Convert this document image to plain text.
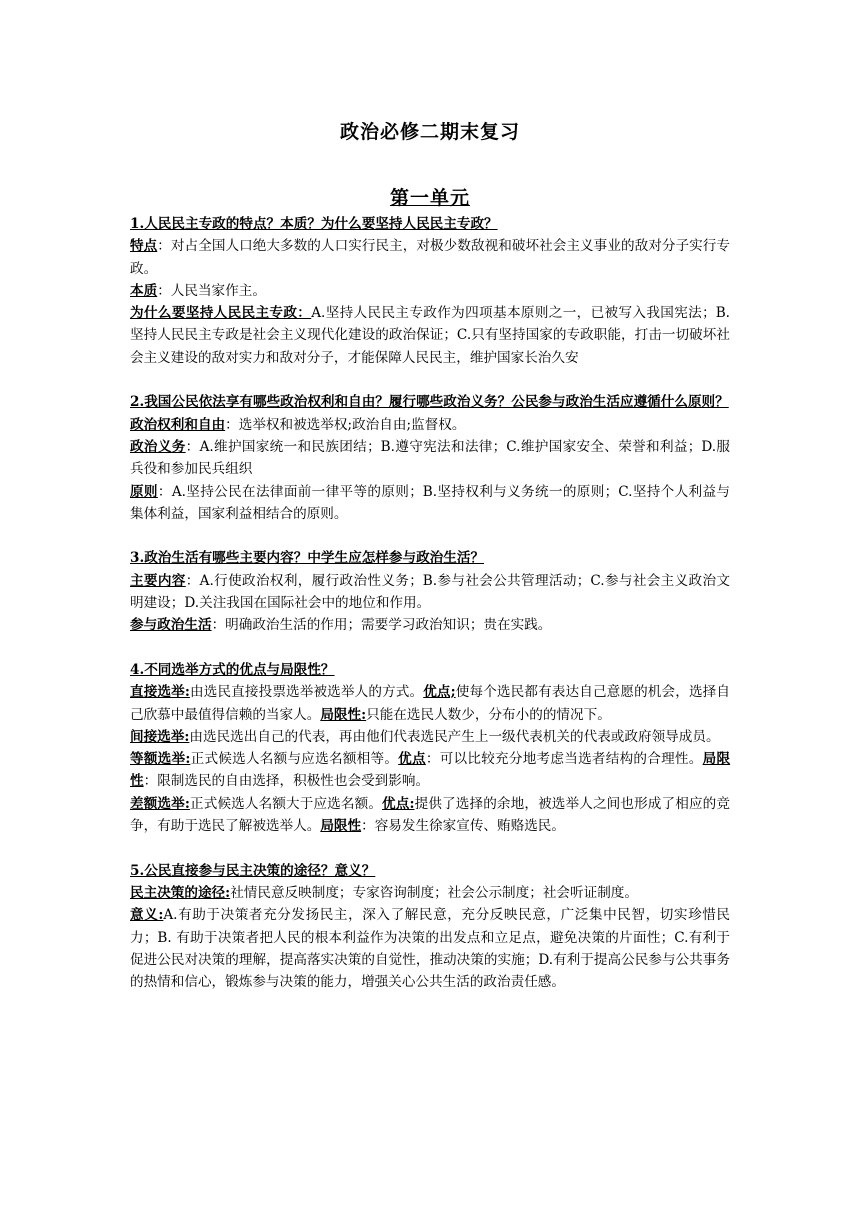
政治必修二期末复习
第一单元

1.人民民主专政的特点？本质？为什么要坚持人民民主专政？

特点：对占全国人口绝大多数的人口实行民主，对极少数敌视和破坏社会主义事业的敌对分子实行专政。

本质：人民当家作主。

为什么要坚持人民民主专政：A.坚持人民民主专政作为四项基本原则之一，已被写入我国宪法；B. 坚持人民民主专政是社会主义现代化建设的政治保证；C.只有坚持国家的专政职能，打击一切破坏社会主义建设的敌对实力和敌对分子，才能保障人民民主，维护国家长治久安

2.我国公民依法享有哪些政治权利和自由？履行哪些政治义务？公民参与政治生活应遵循什么原则？

政治权利和自由：选举权和被选举权;政治自由;监督权。

政治义务：A.维护国家统一和民族团结；B.遵守宪法和法律；C.维护国家安全、荣誉和利益；D.服兵役和参加民兵组织

原则：A.坚持公民在法律面前一律平等的原则；B.坚持权利与义务统一的原则；C.坚持个人利益与集体利益，国家利益相结合的原则。

3.政治生活有哪些主要内容？中学生应怎样参与政治生活？

主要内容：A.行使政治权利，履行政治性义务；B.参与社会公共管理活动；C.参与社会主义政治文明建设；D.关注我国在国际社会中的地位和作用。

参与政治生活：明确政治生活的作用；需要学习政治知识；贵在实践。

4.不同选举方式的优点与局限性？

直接选举:由选民直接投票选举被选举人的方式。优点;使每个选民都有表达自己意愿的机会，选择自己欣慕中最值得信赖的当家人。局限性:只能在选民人数少，分布小的的情况下。

间接选举:由选民选出自己的代表，再由他们代表选民产生上一级代表机关的代表或政府领导成员。

等额选举:正式候选人名额与应选名额相等。优点：可以比较充分地考虑当选者结构的合理性。局限性：限制选民的自由选择，积极性也会受到影响。

差额选举:正式候选人名额大于应选名额。优点:提供了选择的余地，被选举人之间也形成了相应的竞争，有助于选民了解被选举人。局限性：容易发生徐家宣传、贿赂选民。

5.公民直接参与民主决策的途径？意义？

民主决策的途径:社情民意反映制度；专家咨询制度；社会公示制度；社会听证制度。

意义:A.有助于决策者充分发扬民主，深入了解民意，充分反映民意，广泛集中民智，切实珍惜民力；B. 有助于决策者把人民的根本利益作为决策的出发点和立足点，避免决策的片面性；C.有利于促进公民对决策的理解，提高落实决策的自觉性，推动决策的实施；D.有利于提高公民参与公共事务的热情和信心，锻炼参与决策的能力，增强关心公共生活的政治责任感。
